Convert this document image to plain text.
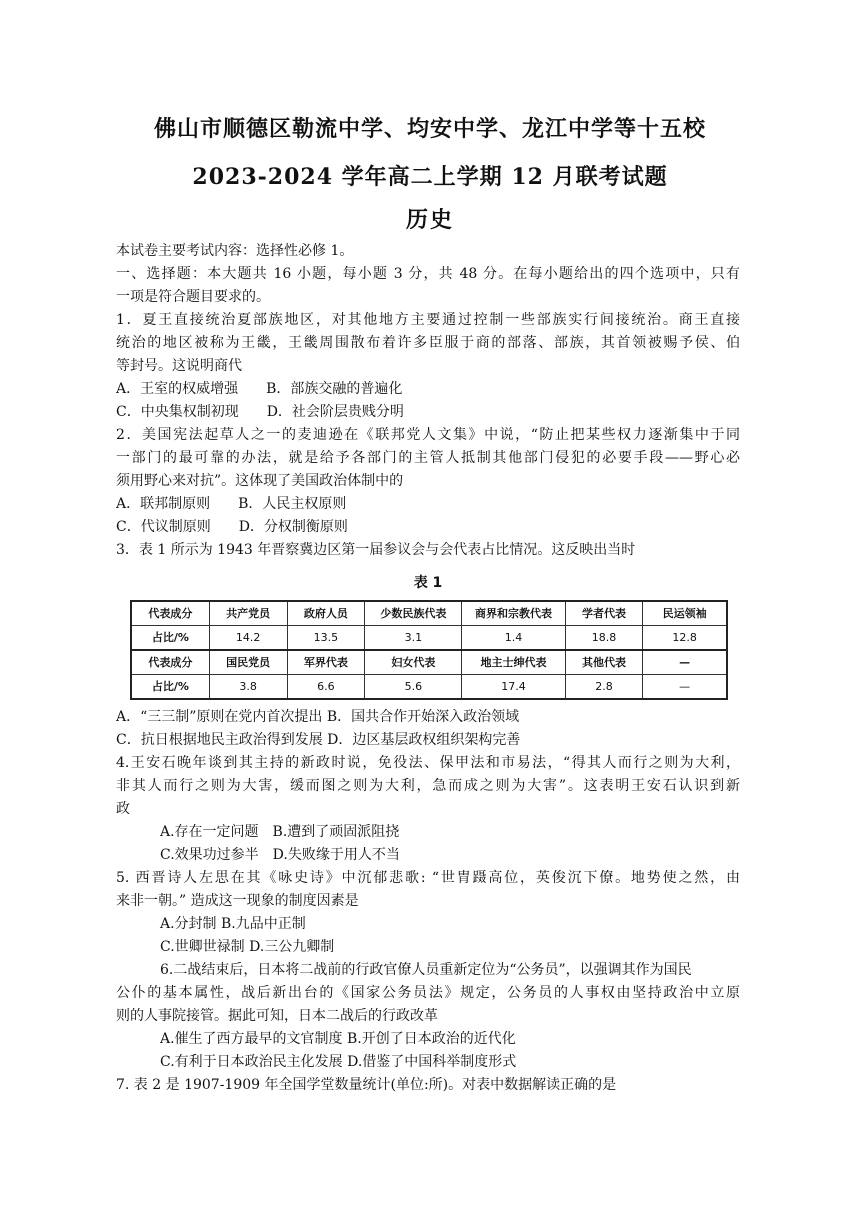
佛山市顺德区勒流中学、均安中学、龙江中学等十五校
2023-2024 学年高二上学期 12 月联考试题
历史
本试卷主要考试内容：选择性必修 1。
一、选择题：本大题共 16 小题，每小题 3 分，共 48 分。在每小题给出的四个选项中，只有
一项是符合题目要求的。
1．夏王直接统治夏部族地区，对其他地方主要通过控制一些部族实行间接统治。商王直接
统治的地区被称为王畿，王畿周围散布着许多臣服于商的部落、部族，其首领被赐予侯、伯
等封号。这说明商代
A．王室的权威增强　　B．部族交融的普遍化
C．中央集权制初现　　D．社会阶层贵贱分明
2．美国宪法起草人之一的麦迪逊在《联邦党人文集》中说，“防止把某些权力逐渐集中于同
一部门的最可靠的办法，就是给予各部门的主管人抵制其他部门侵犯的必要手段——野心必
须用野心来对抗”。这体现了美国政治体制中的
A．联邦制原则　　B．人民主权原则
C．代议制原则　　D．分权制衡原则
3．表 1 所示为 1943 年晋察冀边区第一届参议会与会代表占比情况。这反映出当时
表 1
代表成分	共产党员	政府人员	少数民族代表	商界和宗教代表	学者代表	民运领袖
占比/%	14.2	13.5	3.1	1.4	18.8	12.8
代表成分	国民党员	军界代表	妇女代表	地主士绅代表	其他代表	—
占比/%	3.8	6.6	5.6	17.4	2.8	—
A．“三三制”原则在党内首次提出 B．国共合作开始深入政治领域
C．抗日根据地民主政治得到发展 D．边区基层政权组织架构完善
4.王安石晚年谈到其主持的新政时说，免役法、保甲法和市易法，“得其人而行之则为大利，
非其人而行之则为大害，缓而图之则为大利，急而成之则为大害”。这表明王安石认识到新
政
A.存在一定问题　B.遭到了顽固派阻挠
C.效果功过参半　D.失败缘于用人不当
5. 西晋诗人左思在其《咏史诗》中沉郁悲歌: “世胄蹑高位，英俊沉下僚。地势使之然，由
来非一朝。” 造成这一现象的制度因素是
A.分封制 B.九品中正制
C.世卿世禄制 D.三公九卿制
6.二战结束后，日本将二战前的行政官僚人员重新定位为“公务员”，以强调其作为国民
公仆的基本属性，战后新出台的《国家公务员法》规定，公务员的人事权由坚持政治中立原
则的人事院接管。据此可知，日本二战后的行政改革
A.催生了西方最早的文官制度 B.开创了日本政治的近代化
C.有利于日本政治民主化发展 D.借鉴了中国科举制度形式
7. 表 2 是 1907-1909 年全国学堂数量统计(单位:所)。对表中数据解读正确的是
